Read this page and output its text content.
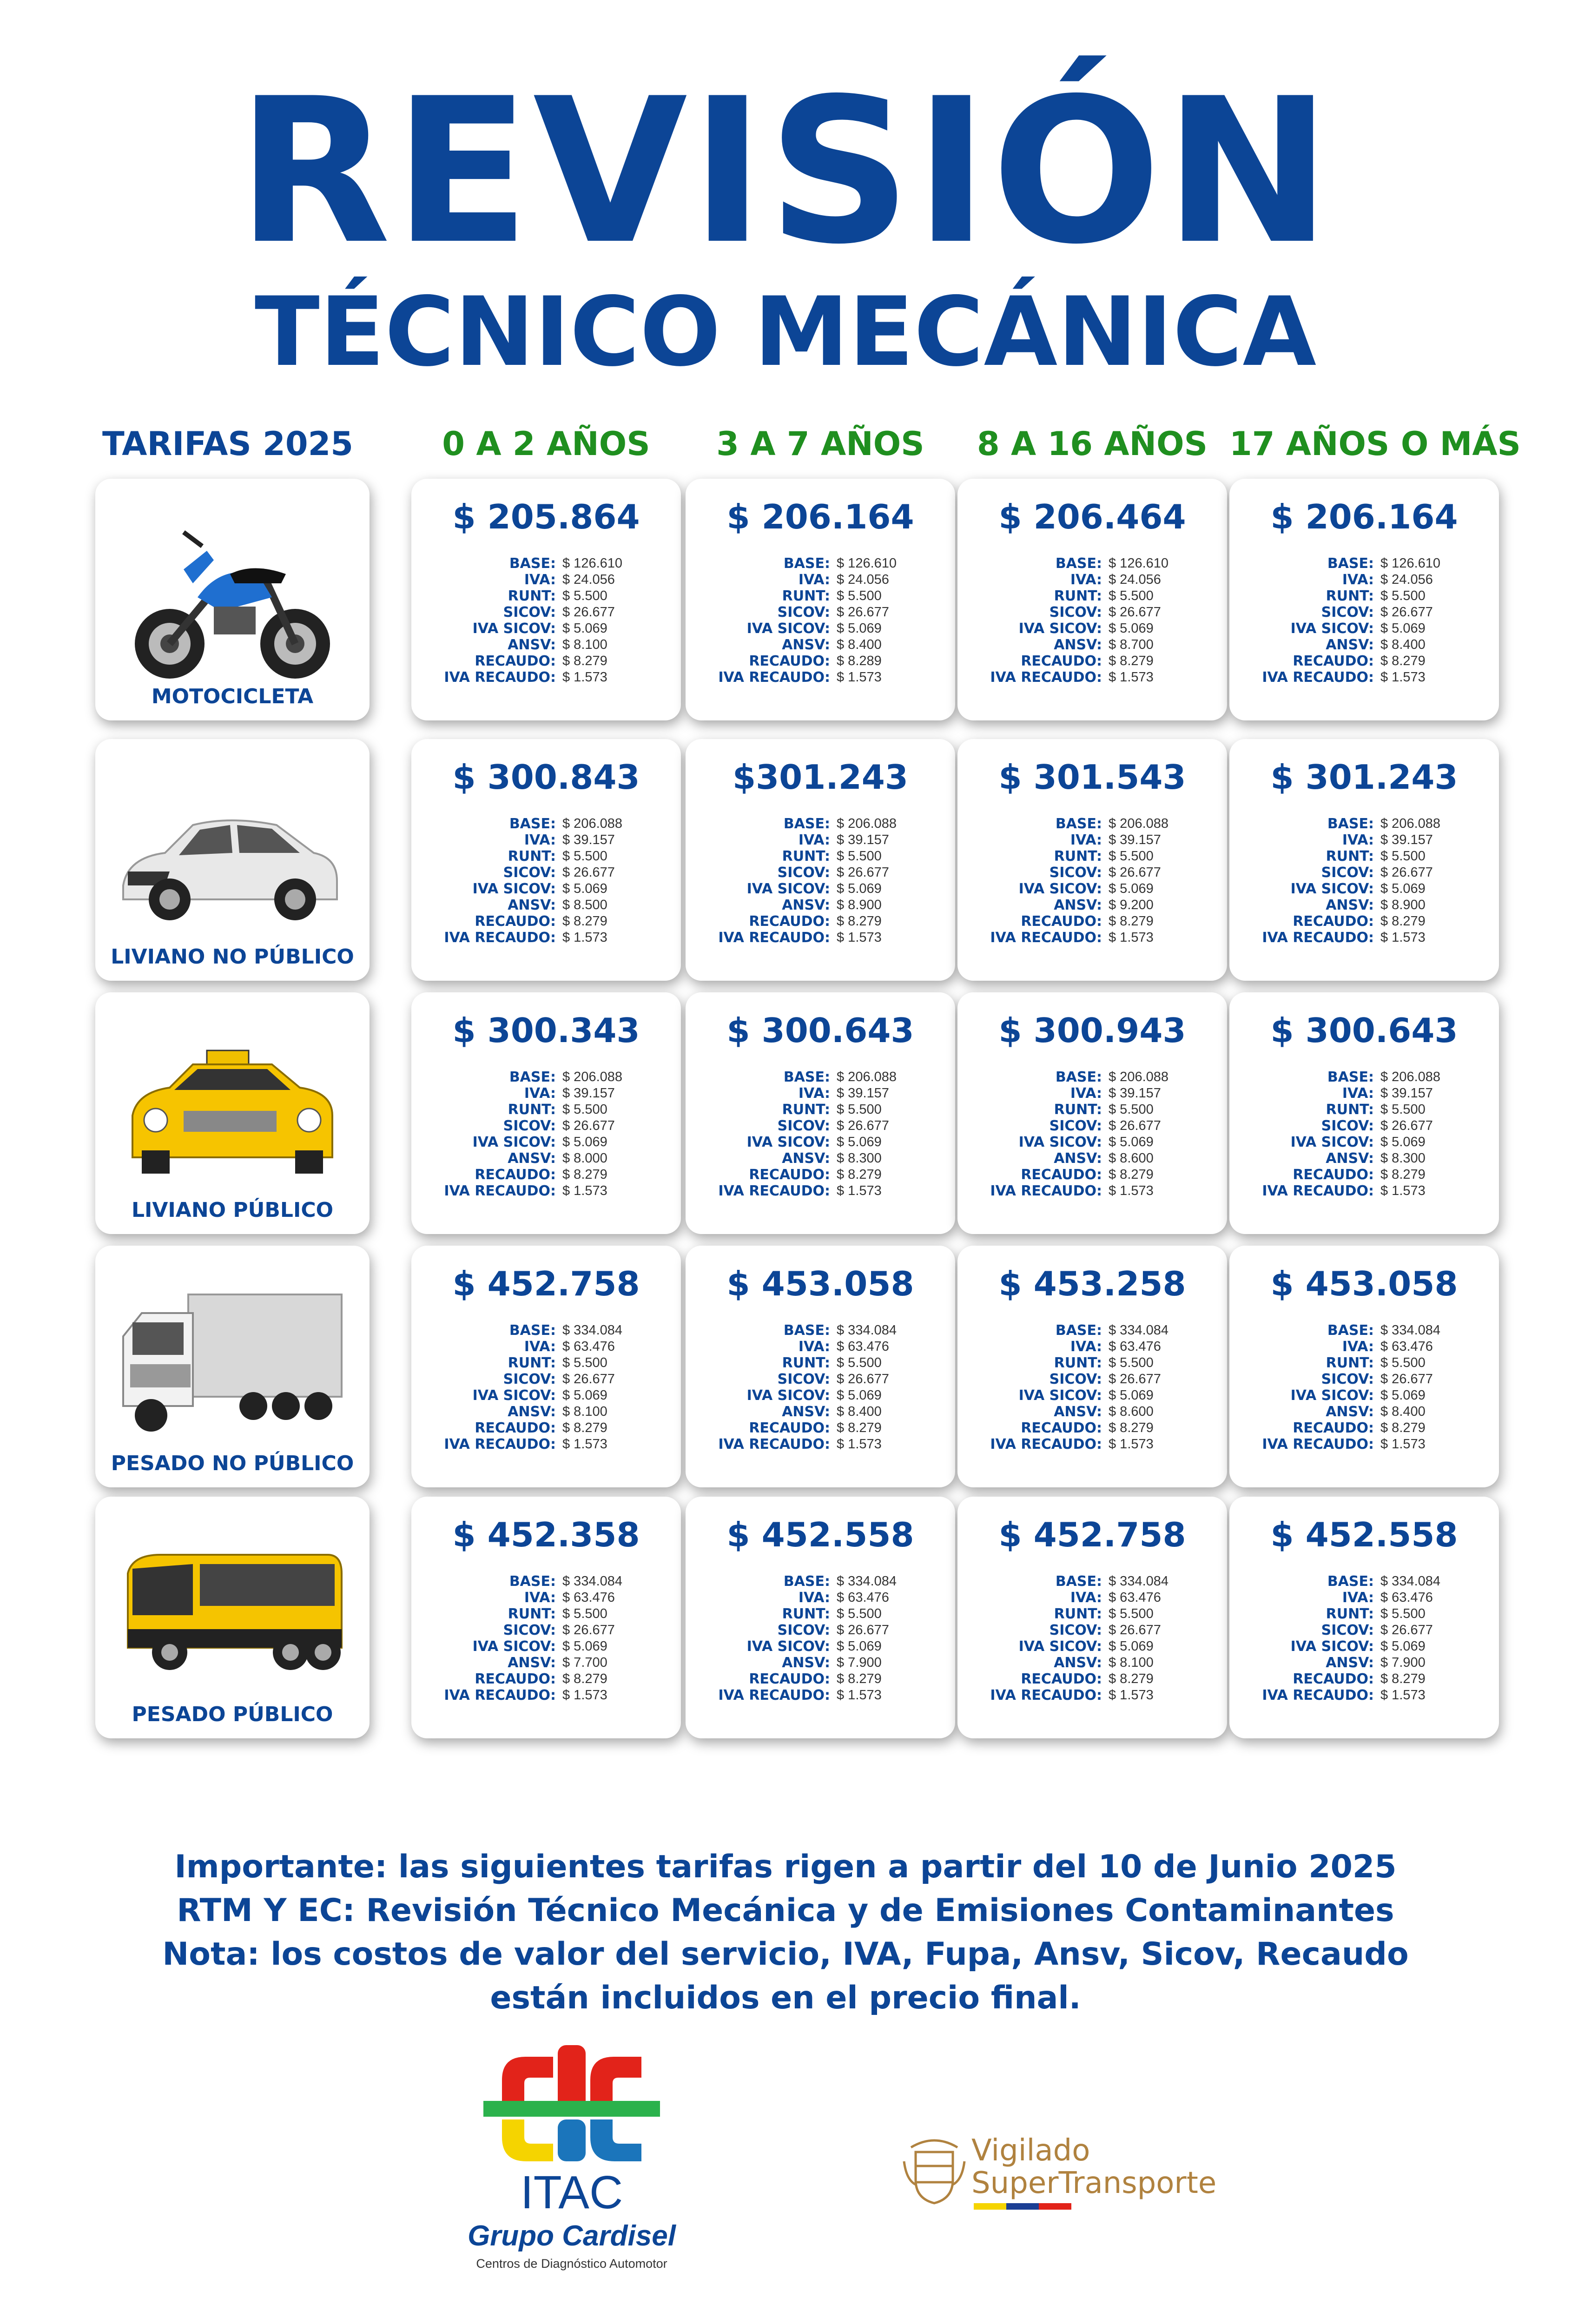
REVISIÓN
TÉCNICO MECÁNICA
TARIFAS 2025	0 A 2 AÑOS	3 A 7 AÑOS	8 A 16 AÑOS 17 AÑOS O MÁS
MOTOCICLETA
$ 205.864
BASE: $ 126.610
IVA: $ 24.056
RUNT: $ 5.500
SICOV: $ 26.677
IVA SICOV: $ 5.069
ANSV: $ 8.100
RECAUDO: $ 8.279
IVA RECAUDO: $ 1.573
$ 206.164
BASE: $ 126.610
IVA: $ 24.056
RUNT: $ 5.500
SICOV: $ 26.677
IVA SICOV: $ 5.069
ANSV: $ 8.400
RECAUDO: $ 8.289
IVA RECAUDO: $ 1.573
$ 206.464
BASE: $ 126.610
IVA: $ 24.056
RUNT: $ 5.500
SICOV: $ 26.677
IVA SICOV: $ 5.069
ANSV: $ 8.700
RECAUDO: $ 8.279
IVA RECAUDO: $ 1.573
$ 206.164
BASE: $ 126.610
IVA: $ 24.056
RUNT: $ 5.500
SICOV: $ 26.677
IVA SICOV: $ 5.069
ANSV: $ 8.400
RECAUDO: $ 8.279
IVA RECAUDO: $ 1.573
LIVIANO NO PÚBLICO
$ 300.843
BASE: $ 206.088
IVA: $ 39.157
RUNT: $ 5.500
SICOV: $ 26.677
IVA SICOV: $ 5.069
ANSV: $ 8.500
RECAUDO: $ 8.279
IVA RECAUDO: $ 1.573
$301.243
BASE: $ 206.088
IVA: $ 39.157
RUNT: $ 5.500
SICOV: $ 26.677
IVA SICOV: $ 5.069
ANSV: $ 8.900
RECAUDO: $ 8.279
IVA RECAUDO: $ 1.573
$ 301.543
BASE: $ 206.088
IVA: $ 39.157
RUNT: $ 5.500
SICOV: $ 26.677
IVA SICOV: $ 5.069
ANSV: $ 9.200
RECAUDO: $ 8.279
IVA RECAUDO: $ 1.573
$ 301.243
BASE: $ 206.088
IVA: $ 39.157
RUNT: $ 5.500
SICOV: $ 26.677
IVA SICOV: $ 5.069
ANSV: $ 8.900
RECAUDO: $ 8.279
IVA RECAUDO: $ 1.573
LIVIANO PÚBLICO
$ 300.343
BASE: $ 206.088
IVA: $ 39.157
RUNT: $ 5.500
SICOV: $ 26.677
IVA SICOV: $ 5.069
ANSV: $ 8.000
RECAUDO: $ 8.279
IVA RECAUDO: $ 1.573
$ 300.643
BASE: $ 206.088
IVA: $ 39.157
RUNT: $ 5.500
SICOV: $ 26.677
IVA SICOV: $ 5.069
ANSV: $ 8.300
RECAUDO: $ 8.279
IVA RECAUDO: $ 1.573
$ 300.943
BASE: $ 206.088
IVA: $ 39.157
RUNT: $ 5.500
SICOV: $ 26.677
IVA SICOV: $ 5.069
ANSV: $ 8.600
RECAUDO: $ 8.279
IVA RECAUDO: $ 1.573
$ 300.643
BASE: $ 206.088
IVA: $ 39.157
RUNT: $ 5.500
SICOV: $ 26.677
IVA SICOV: $ 5.069
ANSV: $ 8.300
RECAUDO: $ 8.279
IVA RECAUDO: $ 1.573
PESADO NO PÚBLICO
$ 452.758
BASE: $ 334.084
IVA: $ 63.476
RUNT: $ 5.500
SICOV: $ 26.677
IVA SICOV: $ 5.069
ANSV: $ 8.100
RECAUDO: $ 8.279
IVA RECAUDO: $ 1.573
$ 453.058
BASE: $ 334.084
IVA: $ 63.476
RUNT: $ 5.500
SICOV: $ 26.677
IVA SICOV: $ 5.069
ANSV: $ 8.400
RECAUDO: $ 8.279
IVA RECAUDO: $ 1.573
$ 453.258
BASE: $ 334.084
IVA: $ 63.476
RUNT: $ 5.500
SICOV: $ 26.677
IVA SICOV: $ 5.069
ANSV: $ 8.600
RECAUDO: $ 8.279
IVA RECAUDO: $ 1.573
$ 453.058
BASE: $ 334.084
IVA: $ 63.476
RUNT: $ 5.500
SICOV: $ 26.677
IVA SICOV: $ 5.069
ANSV: $ 8.400
RECAUDO: $ 8.279
IVA RECAUDO: $ 1.573
PESADO PÚBLICO
$ 452.358
BASE: $ 334.084
IVA: $ 63.476
RUNT: $ 5.500
SICOV: $ 26.677
IVA SICOV: $ 5.069
ANSV: $ 7.700
RECAUDO: $ 8.279
IVA RECAUDO: $ 1.573
$ 452.558
BASE: $ 334.084
IVA: $ 63.476
RUNT: $ 5.500
SICOV: $ 26.677
IVA SICOV: $ 5.069
ANSV: $ 7.900
RECAUDO: $ 8.279
IVA RECAUDO: $ 1.573
$ 452.758
BASE: $ 334.084
IVA: $ 63.476
RUNT: $ 5.500
SICOV: $ 26.677
IVA SICOV: $ 5.069
ANSV: $ 8.100
RECAUDO: $ 8.279
IVA RECAUDO: $ 1.573
$ 452.558
BASE: $ 334.084
IVA: $ 63.476
RUNT: $ 5.500
SICOV: $ 26.677
IVA SICOV: $ 5.069
ANSV: $ 7.900
RECAUDO: $ 8.279
IVA RECAUDO: $ 1.573
Importante: las siguientes tarifas rigen a partir del 10 de Junio 2025
RTM Y EC: Revisión Técnico Mecánica y de Emisiones Contaminantes
Nota: los costos de valor del servicio, IVA, Fupa, Ansv, Sicov, Recaudo
están incluidos en el precio final.
ITAC
Grupo Cardisel
Centros de Diagnóstico Automotor
Vigilado
SuperTransporte
